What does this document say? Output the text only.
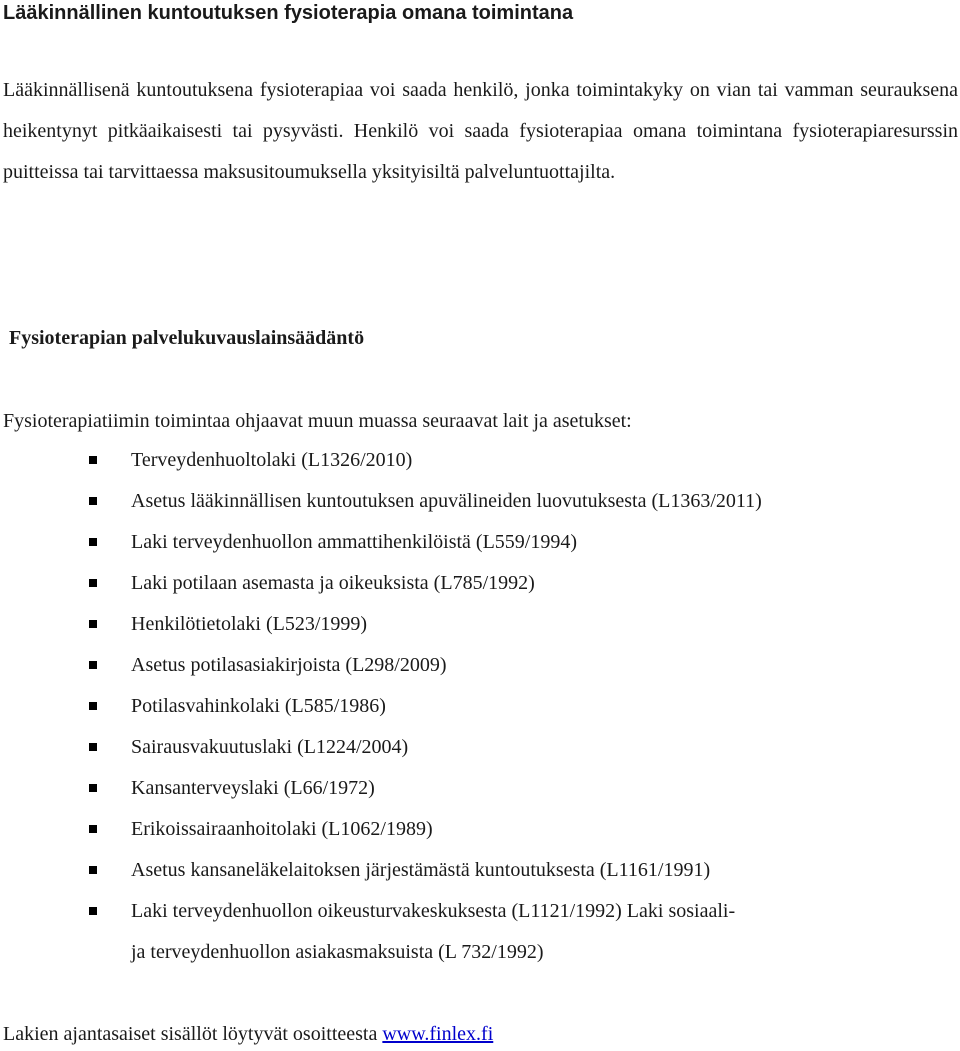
Lääkinnällinen kuntoutuksen fysioterapia omana toimintana

Lääkinnällisenä kuntoutuksena fysioterapiaa voi saada henkilö, jonka toimintakyky on vian tai vamman seurauksena heikentynyt pitkäaikaisesti tai pysyvästi. Henkilö voi saada fysioterapiaa omana toimintana fysioterapiaresurssin puitteissa tai tarvittaessa maksusitoumuksella yksityisiltä palveluntuottajilta.

Fysioterapian palvelukuvauslainsäädäntö

Fysioterapiatiimin toimintaa ohjaavat muun muassa seuraavat lait ja asetukset:

Terveydenhuoltolaki (L1326/2010)
Asetus lääkinnällisen kuntoutuksen apuvälineiden luovutuksesta (L1363/2011)
Laki terveydenhuollon ammattihenkilöistä (L559/1994)
Laki potilaan asemasta ja oikeuksista (L785/1992)
Henkilötietolaki (L523/1999)
Asetus potilasasiakirjoista (L298/2009)
Potilasvahinkolaki (L585/1986)
Sairausvakuutuslaki (L1224/2004)
Kansanterveyslaki (L66/1972)
Erikoissairaanhoitolaki (L1062/1989)
Asetus kansaneläkelaitoksen järjestämästä kuntoutuksesta (L1161/1991)
Laki terveydenhuollon oikeusturvakeskuksesta (L1121/1992) Laki sosiaali-
ja terveydenhuollon asiakasmaksuista (L 732/1992)

Lakien ajantasaiset sisällöt löytyvät osoitteesta www.finlex.fi
